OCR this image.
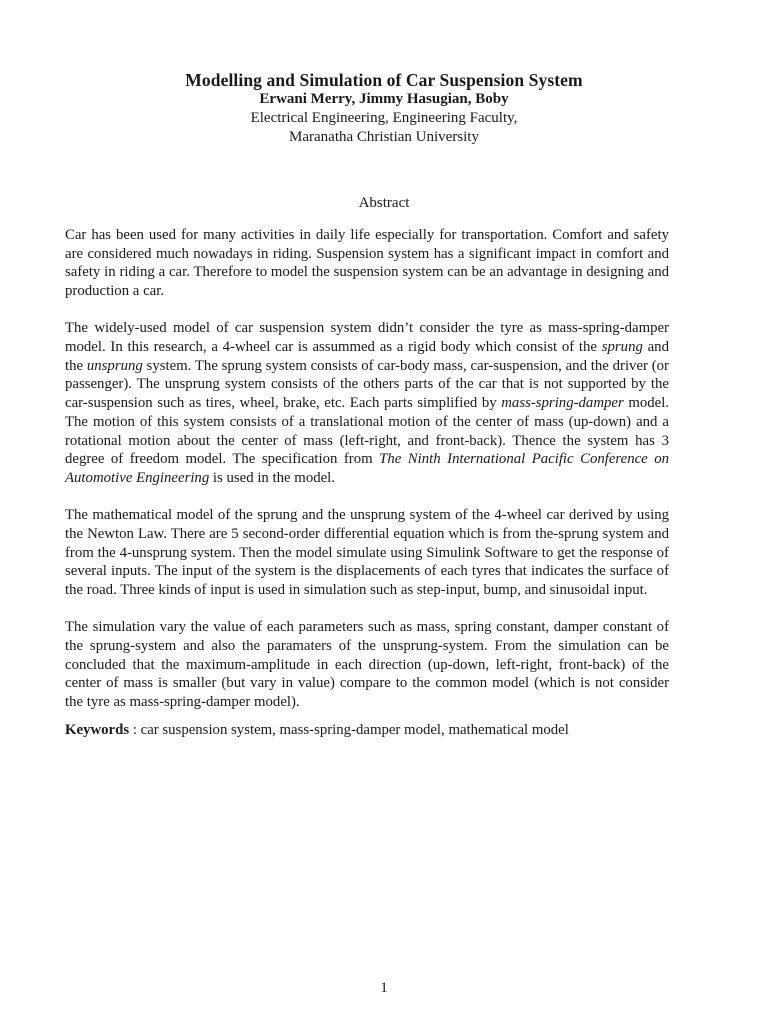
Modelling and Simulation of Car Suspension System

Erwani Merry, Jimmy Hasugian, Boby

Electrical Engineering, Engineering Faculty,

Maranatha Christian University

Abstract

Car has been used for many activities in daily life especially for transportation. Comfort and safety are considered much nowadays in riding. Suspension system has a significant impact in comfort and safety in riding a car. Therefore to model the suspension system can be an advantage in designing and production a car.

The widely-used model of car suspension system didn’t consider the tyre as mass-spring-damper model. In this research, a 4-wheel car is assummed as a rigid body which consist of the sprung and the unsprung system. The sprung system consists of car-body mass, car-suspension, and the driver (or passenger). The unsprung system consists of the others parts of the car that is not supported by the car-suspension such as tires, wheel, brake, etc. Each parts simplified by mass-spring-damper model. The motion of this system consists of a translational motion of the center of mass (up-down) and a rotational motion about the center of mass (left-right, and front-back). Thence the system has 3 degree of freedom model. The specification from The Ninth International Pacific Conference on Automotive Engineering is used in the model.

The mathematical model of the sprung and the unsprung system of the 4-wheel car derived by using the Newton Law. There are 5 second-order differential equation which is from the-sprung system and from the 4-unsprung system. Then the model simulate using Simulink Software to get the response of several inputs. The input of the system is the displacements of each tyres that indicates the surface of the road. Three kinds of input is used in simulation such as step-input, bump, and sinusoidal input.

The simulation vary the value of each parameters such as mass, spring constant, damper constant of the sprung-system and also the paramaters of the unsprung-system. From the simulation can be concluded that the maximum-amplitude in each direction (up-down, left-right, front-back) of the center of mass is smaller (but vary in value) compare to the common model (which is not consider the tyre as mass-spring-damper model).

Keywords : car suspension system, mass-spring-damper model, mathematical model

1
